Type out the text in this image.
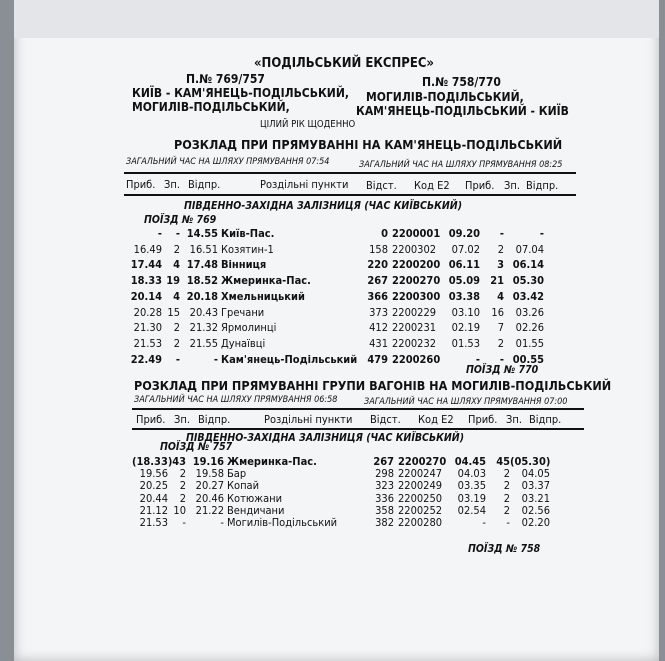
«ПОДІЛЬСЬКИЙ ЕКСПРЕС»
П.№ 769/757
КИЇВ - КАМ'ЯНЕЦЬ-ПОДІЛЬСЬКИЙ,
МОГИЛІВ-ПОДІЛЬСЬКИЙ,
П.№ 758/770
МОГИЛІВ-ПОДІЛЬСЬКИЙ,
КАМ'ЯНЕЦЬ-ПОДІЛЬСЬКИЙ - КИЇВ
ЦІЛИЙ РІК ЩОДЕННО
РОЗКЛАД ПРИ ПРЯМУВАННІ НА КАМ'ЯНЕЦЬ-ПОДІЛЬСЬКИЙ
ЗАГАЛЬНИЙ ЧАС НА ШЛЯХУ ПРЯМУВАННЯ 07:54	ЗАГАЛЬНИЙ ЧАС НА ШЛЯХУ ПРЯМУВАННЯ 08:25
Приб. Зп. Відпр.	Роздільні пункти Відст. Код Е2 Приб. Зп. Відпр.
ПІВДЕННО-ЗАХІДНА ЗАЛІЗНИЦЯ (ЧАС КИЇВСЬКИЙ)
ПОЇЗД № 769
-	- 14.55 Київ-Пас.	0 2200001 09.20	-	-
16.49	2 16.51 Козятин-1	158 2200302	07.02	2	07.04
17.44	4 17.48 Вінниця	220 2200200 06.11	3 06.14
18.33 19 18.52 Жмеринка-Пас.	267 2200270 05.09 21 05.30
20.14	4 20.18 Хмельницький	366 2200300 03.38	4 03.42
20.28 15 20.43 Гречани	373 2200229	03.10	16	03.26
21.30	2 21.32 Ярмолинці	412 2200231	02.19	7	02.26
21.53	2 21.55 Дунаївці	431 2200232	01.53	2	01.55
22.49	-	- Кам'янець-Подільський 479 2200260	-	- 00.55
ПОЇЗД № 770
РОЗКЛАД ПРИ ПРЯМУВАННІ ГРУПИ ВАГОНІВ НА МОГИЛІВ-ПОДІЛЬСЬКИЙ
ЗАГАЛЬНИЙ ЧАС НА ШЛЯХУ ПРЯМУВАННЯ 06:58	ЗАГАЛЬНИЙ ЧАС НА ШЛЯХУ ПРЯМУВАННЯ 07:00
Приб. Зп. Відпр.	Роздільні пункти Відст. Код Е2 Приб. Зп. Відпр.
ПІВДЕННО-ЗАХІДНА ЗАЛІЗНИЦЯ (ЧАС КИЇВСЬКИЙ)
ПОЇЗД № 757
(18.33) 43 19.16 Жмеринка-Пас.	267 2200270 04.45 45 (05.30)
19.56	2 19.58 Бар	298 2200247	04.03	2	04.05
20.25	2 20.27 Копай	323 2200249	03.35	2	03.37
20.44	2 20.46 Котюжани	336 2200250	03.19	2	03.21
21.12 10 21.22 Вендичани	358 2200252	02.54	2	02.56
21.53	-	- Могилів-Подільський	382 2200280	-	-	02.20
ПОЇЗД № 758
